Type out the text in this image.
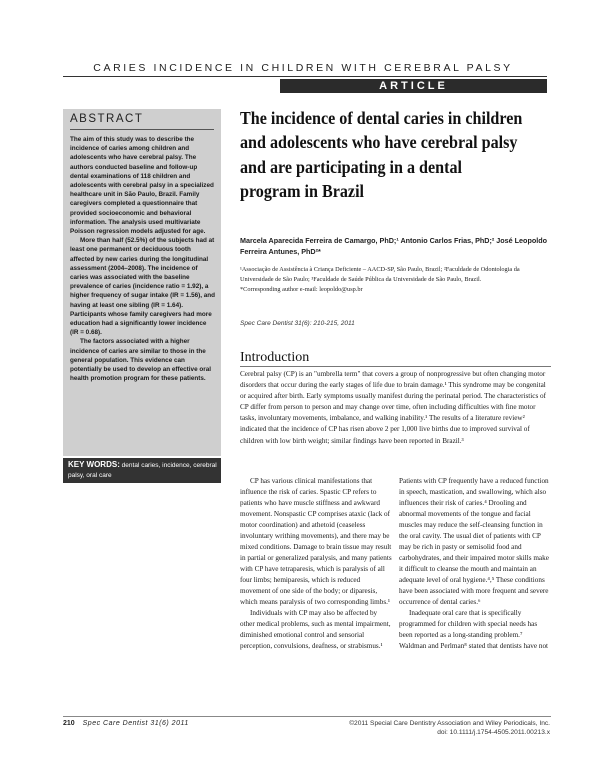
CARIES INCIDENCE IN CHILDREN WITH CEREBRAL PALSY
ARTICLE
ABSTRACT

The aim of this study was to describe the incidence of caries among children and adolescents who have cerebral palsy. The authors conducted baseline and follow-up dental examinations of 118 children and adolescents with cerebral palsy in a specialized healthcare unit in São Paulo, Brazil. Family caregivers completed a questionnaire that provided socioeconomic and behavioral information. The analysis used multivariate Poisson regression models adjusted for age.

More than half (52.5%) of the subjects had at least one permanent or deciduous tooth affected by new caries during the longitudinal assessment (2004–2008). The incidence of caries was associated with the baseline prevalence of caries (incidence ratio = 1.92), a higher frequency of sugar intake (IR = 1.56), and having at least one sibling (IR = 1.64). Participants whose family caregivers had more education had a significantly lower incidence (IR = 0.68).

The factors associated with a higher incidence of caries are similar to those in the general population. This evidence can potentially be used to develop an effective oral health promotion program for these patients.

KEY WORDS: dental caries, incidence, cerebral palsy, oral care
The incidence of dental caries in children and adolescents who have cerebral palsy and are participating in a dental program in Brazil
Marcela Aparecida Ferreira de Camargo, PhD;¹ Antonio Carlos Frias, PhD;² José Leopoldo Ferreira Antunes, PhD²*
¹Associação de Assistência à Criança Deficiente – AACD-SP, São Paulo, Brazil; ²Faculdade de Odontologia da Universidade de São Paulo; ³Faculdade de Saúde Pública da Universidade de São Paulo, Brazil.
*Corresponding author e-mail: leopoldo@usp.br
Spec Care Dentist 31(6): 210-215, 2011
Introduction
Cerebral palsy (CP) is an "umbrella term" that covers a group of nonprogressive but often changing motor disorders that occur during the early stages of life due to brain damage.¹ This syndrome may be congenital or acquired after birth. Early symptoms usually manifest during the perinatal period. The characteristics of CP differ from person to person and may change over time, often including difficulties with fine motor tasks, involuntary movements, imbalance, and walking inability.¹ The results of a literature review² indicated that the incidence of CP has risen above 2 per 1,000 live births due to improved survival of children with low birth weight; similar findings have been reported in Brazil.³

CP has various clinical manifestations that influence the risk of caries. Spastic CP refers to patients who have muscle stiffness and awkward movement. Nonspastic CP comprises ataxic (lack of motor coordination) and athetoid (ceaseless involuntary writhing movements), and there may be mixed conditions. Damage to brain tissue may result in partial or generalized paralysis, and many patients with CP have tetraparesis, which is paralysis of all four limbs; hemiparesis, which is reduced movement of one side of the body; or diparesis, which means paralysis of two corresponding limbs.¹

Individuals with CP may also be affected by other medical problems, such as mental impairment, diminished emotional control and sensorial perception, convulsions, deafness, or strabismus.¹

Patients with CP frequently have a reduced function in speech, mastication, and swallowing, which also influences their risk of caries.⁴ Drooling and abnormal movements of the tongue and facial muscles may reduce the self-cleansing function in the oral cavity. The usual diet of patients with CP may be rich in pasty or semisolid food and carbohydrates, and their impaired motor skills make it difficult to cleanse the mouth and maintain an adequate level of oral hygiene.⁴,⁵ These conditions have been associated with more frequent and severe occurrence of dental caries.⁶

Inadequate oral care that is specifically programmed for children with special needs has been reported as a long-standing problem.⁷ Waldman and Perlman⁸ stated that dentists have not

210 Spec Care Dentist 31(6) 2011	©2011 Special Care Dentistry Association and Wiley Periodicals, Inc.
doi: 10.1111/j.1754-4505.2011.00213.x
